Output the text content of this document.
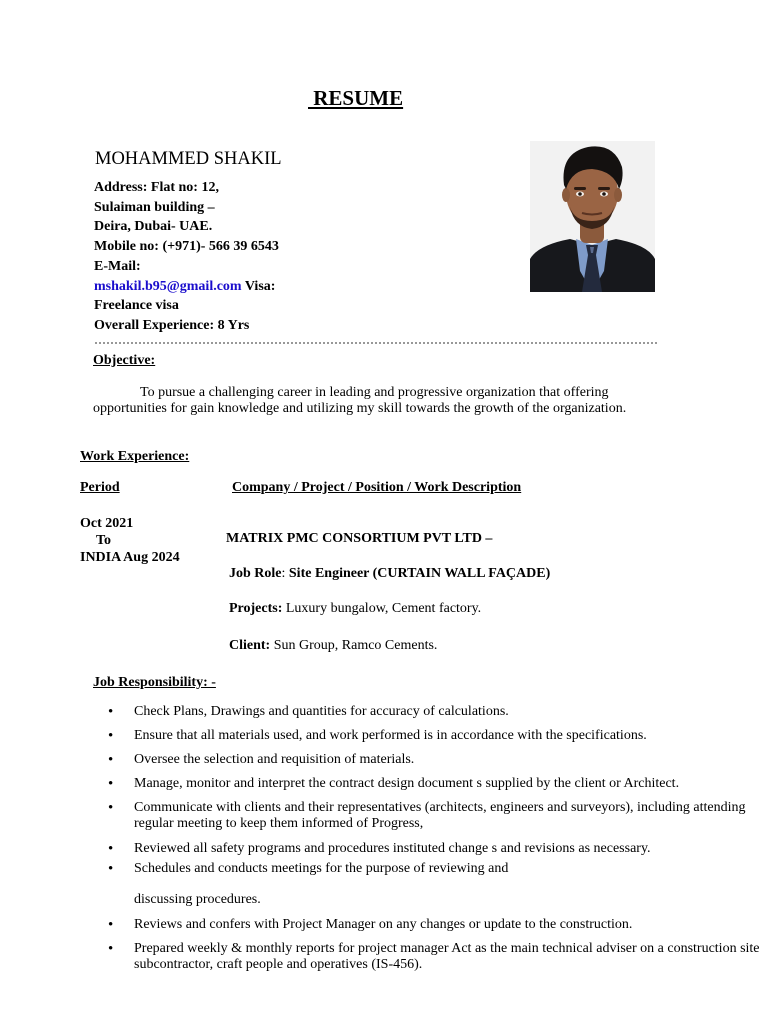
RESUME
MOHAMMED SHAKIL
Address: Flat no: 12,
Sulaiman building –
Deira, Dubai- UAE.
Mobile no: (+971)- 566 39 6543
E-Mail:
mshakil.b95@gmail.com Visa:
Freelance visa
Overall Experience: 8 Yrs
Objective:
To pursue a challenging career in leading and progressive organization that offering opportunities for gain knowledge and utilizing my skill towards the growth of the organization.
Work Experience:
Period	Company / Project / Position / Work Description
Oct 2021
To
INDIA Aug 2024
MATRIX PMC CONSORTIUM PVT LTD –
Job Role: Site Engineer (CURTAIN WALL FAÇADE)
Projects: Luxury bungalow, Cement factory.
Client: Sun Group, Ramco Cements.
Job Responsibility: -
• Check Plans, Drawings and quantities for accuracy of calculations.
• Ensure that all materials used, and work performed is in accordance with the specifications.
• Oversee the selection and requisition of materials.
• Manage, monitor and interpret the contract design document s supplied by the client or Architect.
• Communicate with clients and their representatives (architects, engineers and surveyors), including attending regular meeting to keep them informed of Progress,
• Reviewed all safety programs and procedures instituted change s and revisions as necessary.
• Schedules and conducts meetings for the purpose of reviewing and
discussing procedures.
• Reviews and confers with Project Manager on any changes or update to the construction.
• Prepared weekly & monthly reports for project manager Act as the main technical adviser on a construction site subcontractor, craft people and operatives (IS-456).
